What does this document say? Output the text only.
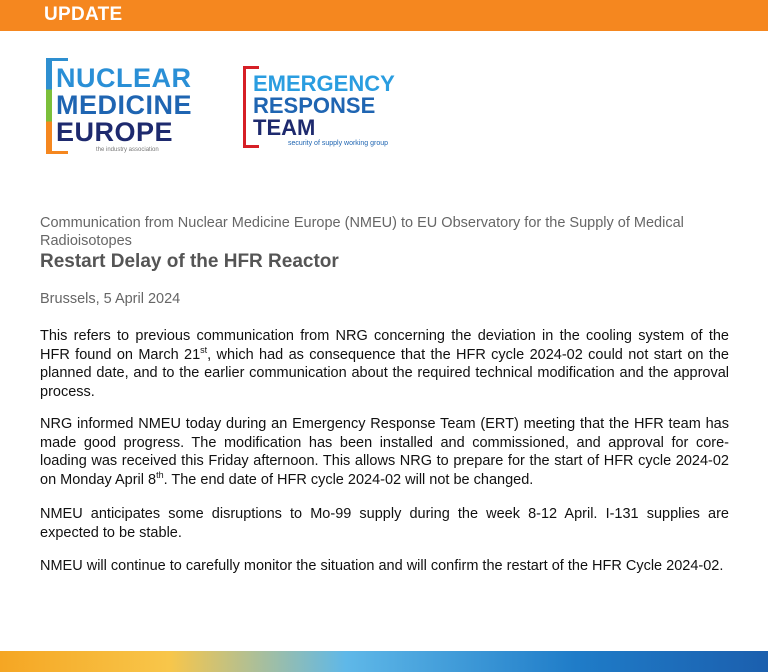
UPDATE
NUCLEAR
MEDICINE
EUROPE
the industry association
EMERGENCY
RESPONSE
TEAM
security of supply working group
Communication from Nuclear Medicine Europe (NMEU) to EU Observatory for the Supply of Medical Radioisotopes
Restart Delay of the HFR Reactor
Brussels, 5 April 2024

This refers to previous communication from NRG concerning the deviation in the cooling system of the HFR found on March 21st, which had as consequence that the HFR cycle 2024-02 could not start on the planned date, and to the earlier communication about the required technical modification and the approval process.

NRG informed NMEU today during an Emergency Response Team (ERT) meeting that the HFR team has made good progress. The modification has been installed and commissioned, and approval for core-loading was received this Friday afternoon. This allows NRG to prepare for the start of HFR cycle 2024-02 on Monday April 8th. The end date of HFR cycle 2024-02 will not be changed.

NMEU anticipates some disruptions to Mo-99 supply during the week 8-12 April. I-131 supplies are expected to be stable.

NMEU will continue to carefully monitor the situation and will confirm the restart of the HFR Cycle 2024-02.
